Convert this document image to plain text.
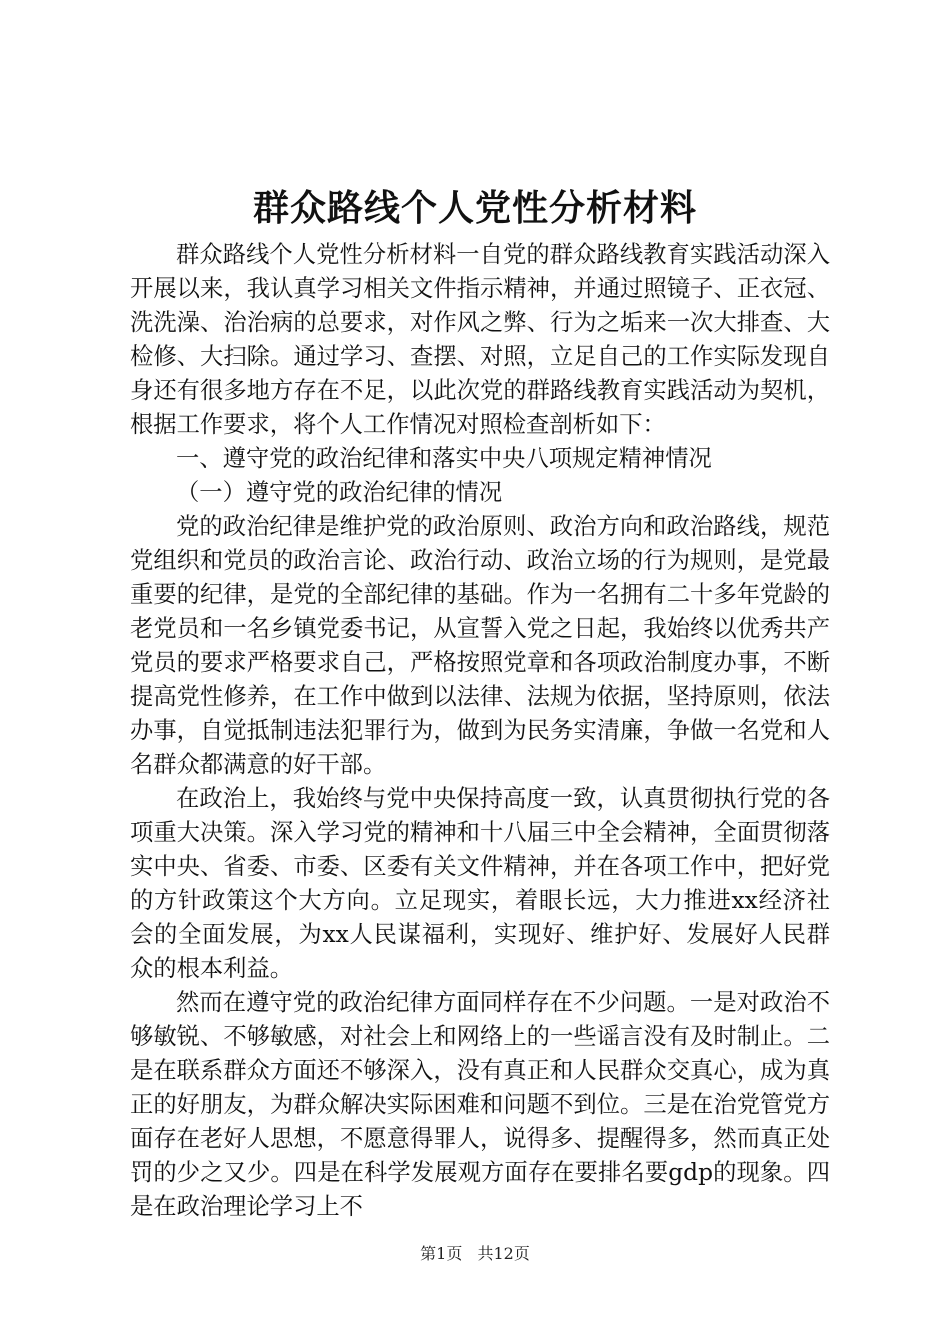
群众路线个人党性分析材料

群众路线个人党性分析材料一自党的群众路线教育实践活动深入开展以来，我认真学习相关文件指示精神，并通过照镜子、正衣冠、洗洗澡、治治病的总要求，对作风之弊、行为之垢来一次大排查、大检修、大扫除。通过学习、查摆、对照，立足自己的工作实际发现自身还有很多地方存在不足，以此次党的群路线教育实践活动为契机，根据工作要求，将个人工作情况对照检查剖析如下：

一、遵守党的政治纪律和落实中央八项规定精神情况

（一）遵守党的政治纪律的情况

党的政治纪律是维护党的政治原则、政治方向和政治路线，规范党组织和党员的政治言论、政治行动、政治立场的行为规则，是党最重要的纪律，是党的全部纪律的基础。作为一名拥有二十多年党龄的老党员和一名乡镇党委书记，从宣誓入党之日起，我始终以优秀共产党员的要求严格要求自己，严格按照党章和各项政治制度办事，不断提高党性修养，在工作中做到以法律、法规为依据，坚持原则，依法办事，自觉抵制违法犯罪行为，做到为民务实清廉，争做一名党和人名群众都满意的好干部。

在政治上，我始终与党中央保持高度一致，认真贯彻执行党的各项重大决策。深入学习党的精神和十八届三中全会精神，全面贯彻落实中央、省委、市委、区委有关文件精神，并在各项工作中，把好党的方针政策这个大方向。立足现实，着眼长远，大力推进xx经济社会的全面发展，为xx人民谋福利，实现好、维护好、发展好人民群众的根本利益。

然而在遵守党的政治纪律方面同样存在不少问题。一是对政治不够敏锐、不够敏感，对社会上和网络上的一些谣言没有及时制止。二是在联系群众方面还不够深入，没有真正和人民群众交真心，成为真正的好朋友，为群众解决实际困难和问题不到位。三是在治党管党方面存在老好人思想，不愿意得罪人，说得多、提醒得多，然而真正处罚的少之又少。四是在科学发展观方面存在要排名要gdp的现象。四是在政治理论学习上不

第1页 共12页
